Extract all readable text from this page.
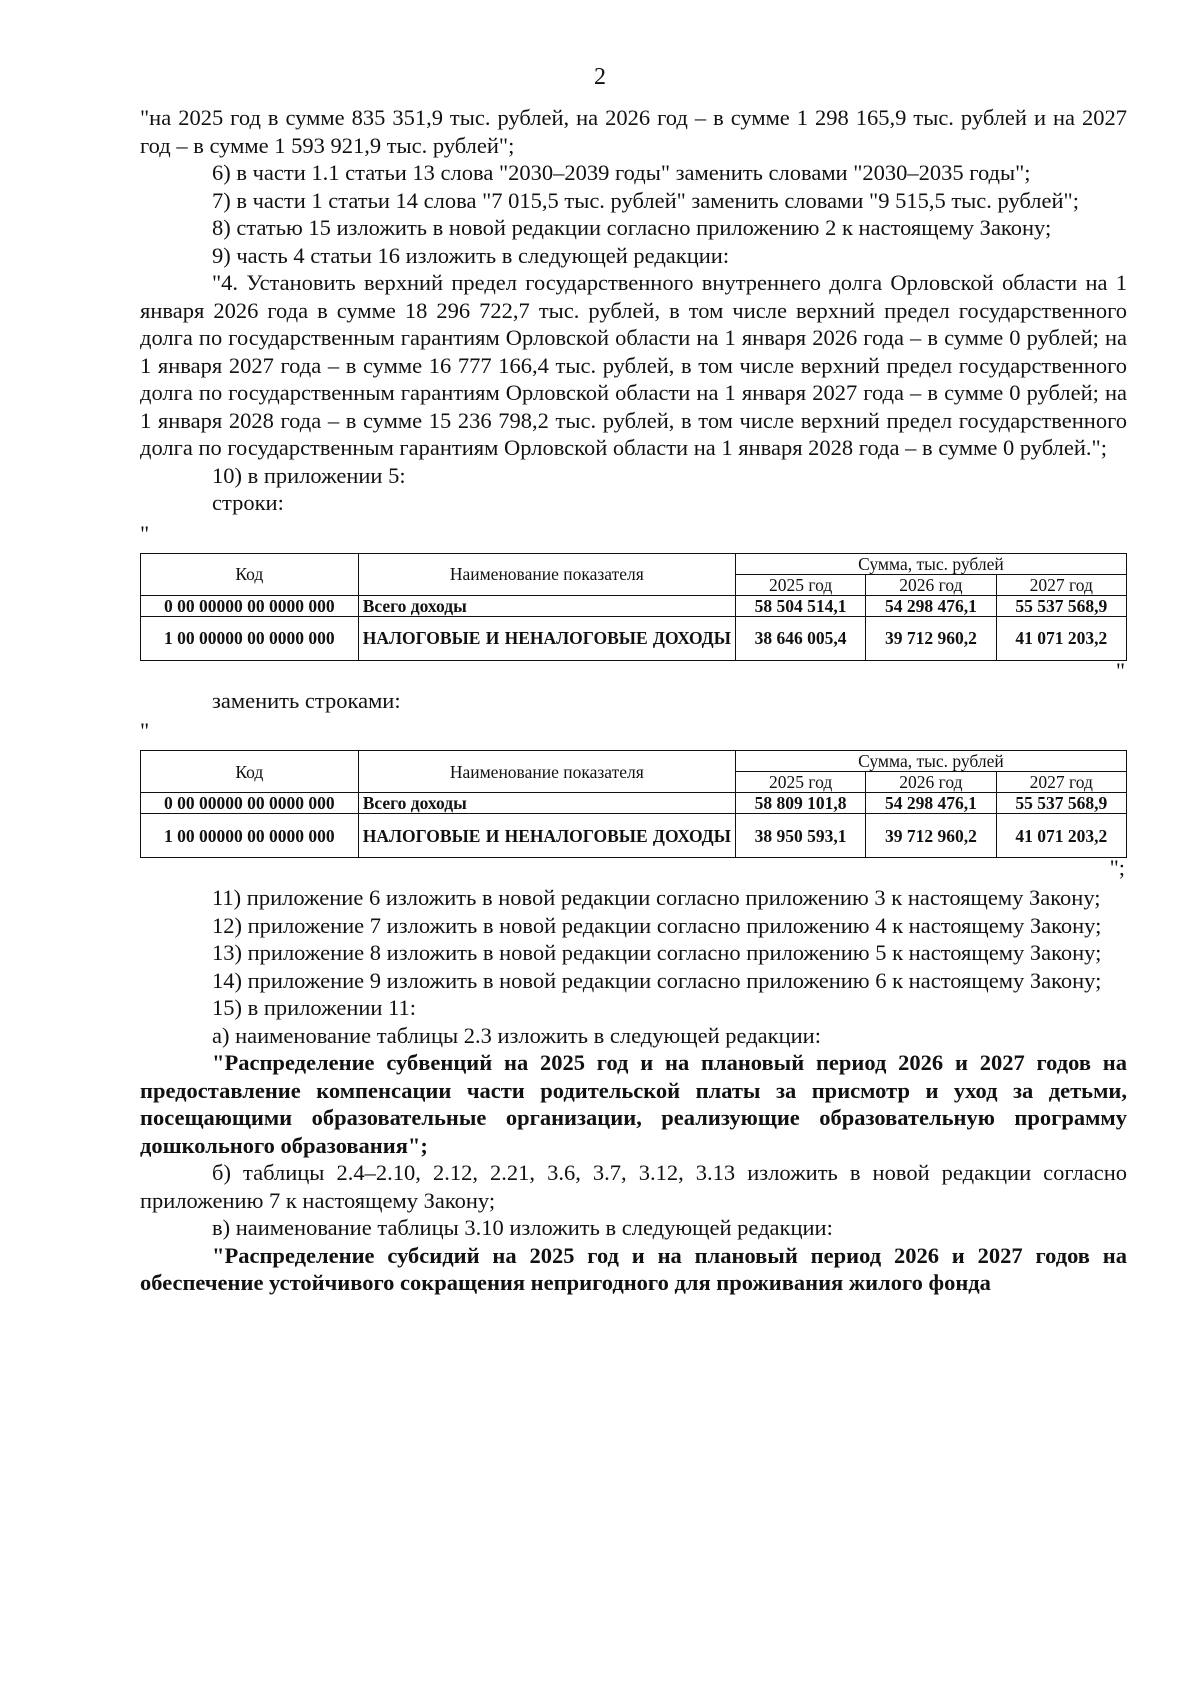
2

"на 2025 год в сумме 835 351,9 тыс. рублей, на 2026 год – в сумме 1 298 165,9 тыс. рублей и на 2027 год – в сумме 1 593 921,9 тыс. рублей";

6) в части 1.1 статьи 13 слова "2030–2039 годы" заменить словами "2030–2035 годы";

7) в части 1 статьи 14 слова "7 015,5 тыс. рублей" заменить словами "9 515,5 тыс. рублей";

8) статью 15 изложить в новой редакции согласно приложению 2 к настоящему Закону;

9) часть 4 статьи 16 изложить в следующей редакции:

"4. Установить верхний предел государственного внутреннего долга Орловской области на 1 января 2026 года в сумме 18 296 722,7 тыс. рублей, в том числе верхний предел государственного долга по государственным гарантиям Орловской области на 1 января 2026 года – в сумме 0 рублей; на 1 января 2027 года – в сумме 16 777 166,4 тыс. рублей, в том числе верхний предел государственного долга по государственным гарантиям Орловской области на 1 января 2027 года – в сумме 0 рублей; на 1 января 2028 года – в сумме 15 236 798,2 тыс. рублей, в том числе верхний предел государственного долга по государственным гарантиям Орловской области на 1 января 2028 года – в сумме 0 рублей.";

10) в приложении 5:

строки:

"
Код	Наименование показателя	Сумма, тыс. рублей		
		2025 год	2026 год	2027 год
0 00 00000 00 0000 000	Всего доходы	58 504 514,1	54 298 476,1	55 537 568,9
1 00 00000 00 0000 000	НАЛОГОВЫЕ И НЕНАЛОГОВЫЕ ДОХОДЫ	38 646 005,4	39 712 960,2	41 071 203,2
"

заменить строками:

"
Код	Наименование показателя	Сумма, тыс. рублей		
		2025 год	2026 год	2027 год
0 00 00000 00 0000 000	Всего доходы	58 809 101,8	54 298 476,1	55 537 568,9
1 00 00000 00 0000 000	НАЛОГОВЫЕ И НЕНАЛОГОВЫЕ ДОХОДЫ	38 950 593,1	39 712 960,2	41 071 203,2
";

11) приложение 6 изложить в новой редакции согласно приложению 3 к настоящему Закону;

12) приложение 7 изложить в новой редакции согласно приложению 4 к настоящему Закону;

13) приложение 8 изложить в новой редакции согласно приложению 5 к настоящему Закону;

14) приложение 9 изложить в новой редакции согласно приложению 6 к настоящему Закону;

15) в приложении 11:

а) наименование таблицы 2.3 изложить в следующей редакции:

"Распределение субвенций на 2025 год и на плановый период 2026 и 2027 годов на предоставление компенсации части родительской платы за присмотр и уход за детьми, посещающими образовательные организации, реализующие образовательную программу дошкольного образования";

б) таблицы 2.4–2.10, 2.12, 2.21, 3.6, 3.7, 3.12, 3.13 изложить в новой редакции согласно приложению 7 к настоящему Закону;

в) наименование таблицы 3.10 изложить в следующей редакции:

"Распределение субсидий на 2025 год и на плановый период 2026 и 2027 годов на обеспечение устойчивого сокращения непригодного для проживания жилого фонда
